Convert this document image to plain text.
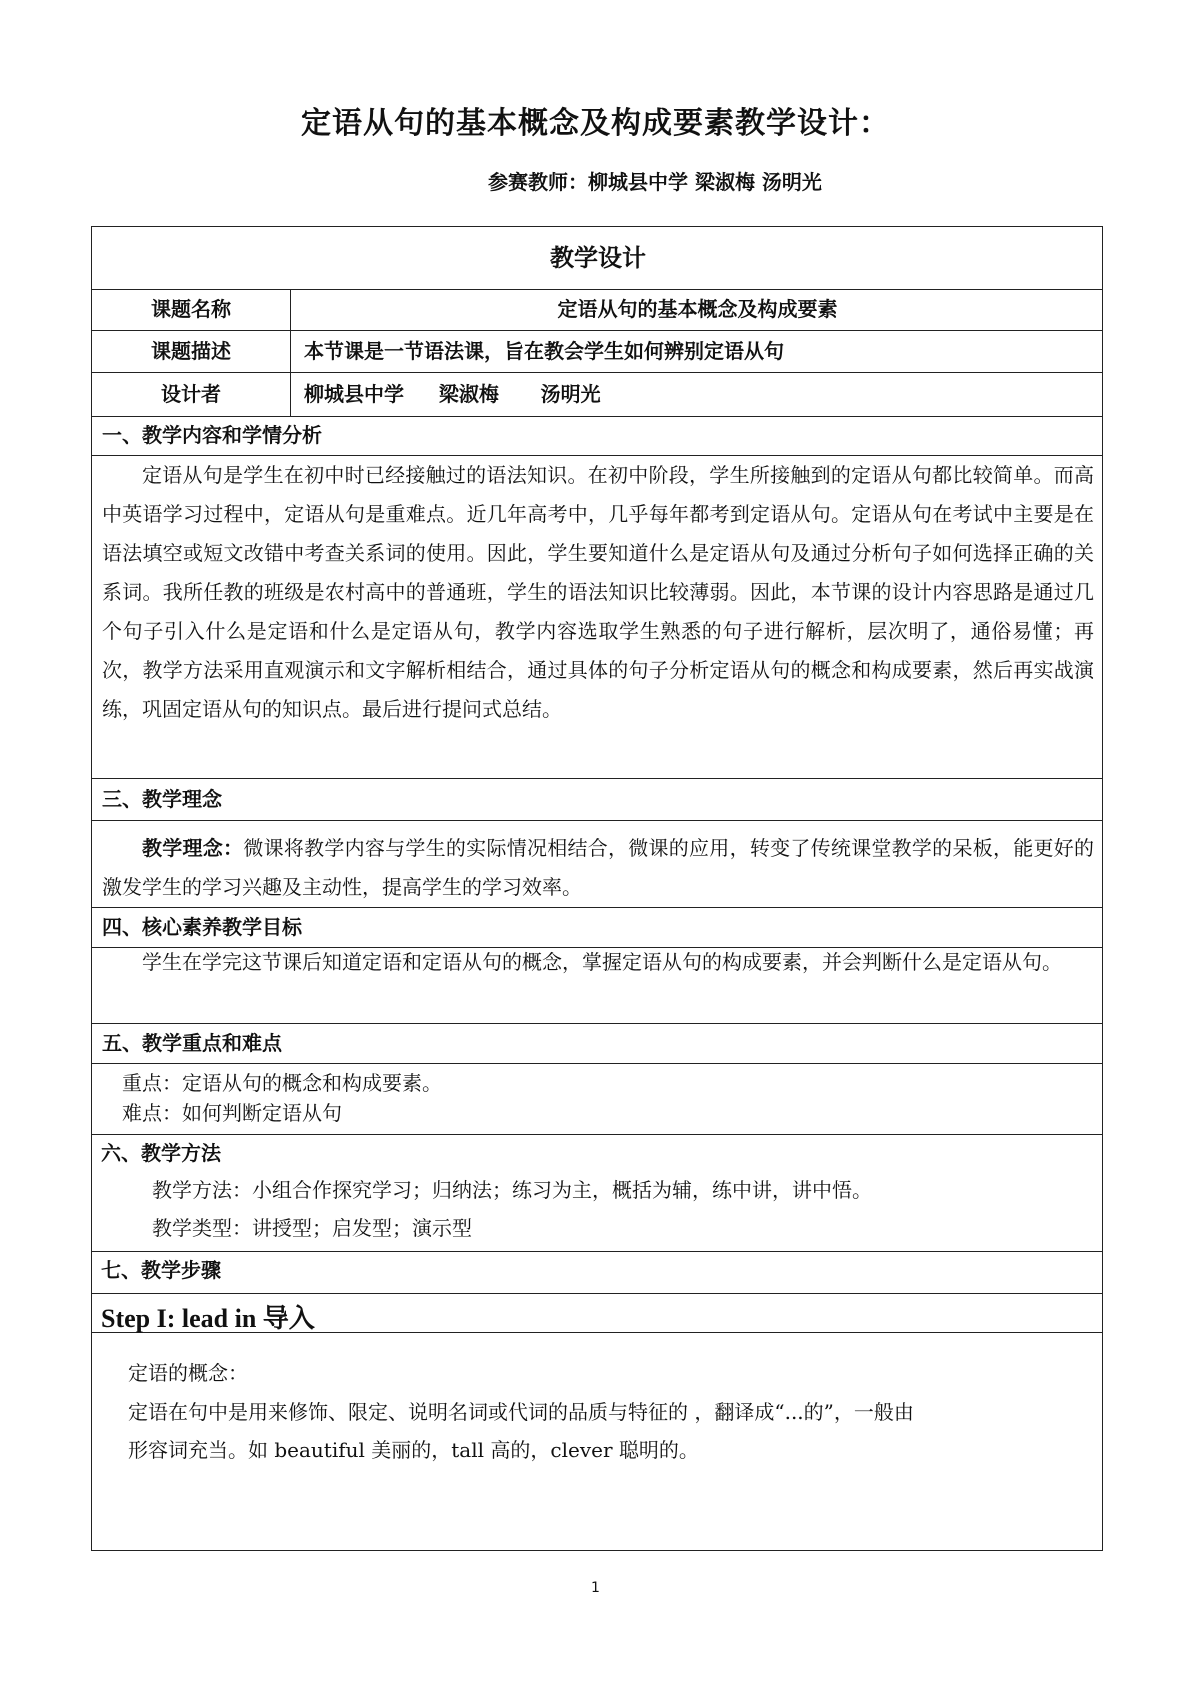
定语从句的基本概念及构成要素教学设计：
参赛教师：柳城县中学 梁淑梅 汤明光
教学设计
课题名称	定语从句的基本概念及构成要素
课题描述	本节课是一节语法课，旨在教会学生如何辨别定语从句
设计者	柳城县中学     梁淑梅      汤明光
一、教学内容和学情分析

定语从句是学生在初中时已经接触过的语法知识。在初中阶段，学生所接触到的定语从句都比较简单。而高中英语学习过程中，定语从句是重难点。近几年高考中，几乎每年都考到定语从句。定语从句在考试中主要是在语法填空或短文改错中考查关系词的使用。因此，学生要知道什么是定语从句及通过分析句子如何选择正确的关系词。我所任教的班级是农村高中的普通班，学生的语法知识比较薄弱。因此，本节课的设计内容思路是通过几个句子引入什么是定语和什么是定语从句，教学内容选取学生熟悉的句子进行解析，层次明了，通俗易懂；再次，教学方法采用直观演示和文字解析相结合，通过具体的句子分析定语从句的概念和构成要素，然后再实战演练，巩固定语从句的知识点。最后进行提问式总结。

三、教学理念

教学理念：微课将教学内容与学生的实际情况相结合，微课的应用，转变了传统课堂教学的呆板，能更好的激发学生的学习兴趣及主动性，提高学生的学习效率。

四、核心素养教学目标

学生在学完这节课后知道定语和定语从句的概念，掌握定语从句的构成要素，并会判断什么是定语从句。

五、教学重点和难点
重点：定语从句的概念和构成要素。
难点：如何判断定语从句
六、教学方法
教学方法：小组合作探究学习；归纳法；练习为主，概括为辅，练中讲，讲中悟。
教学类型：讲授型；启发型；演示型
七、教学步骤
Step I: lead in 导入
定语的概念：
定语在句中是用来修饰、限定、说明名词或代词的品质与特征的 ，翻译成“...的”，一般由
形容词充当。如 beautiful 美丽的，tall 高的，clever 聪明的。
1
